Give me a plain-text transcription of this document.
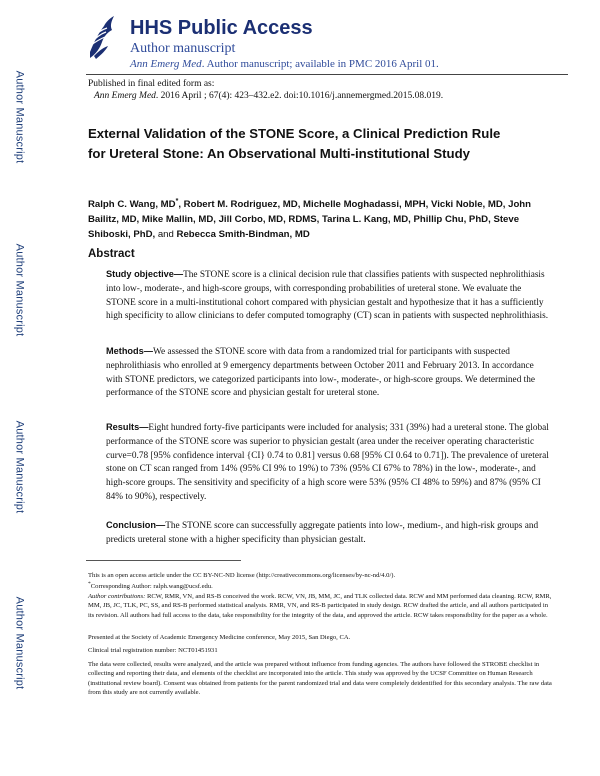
Author Manuscript
Author Manuscript
Author Manuscript
Author Manuscript
HHS Public Access
Author manuscript
Ann Emerg Med. Author manuscript; available in PMC 2016 April 01.
Published in final edited form as:
Ann Emerg Med. 2016 April ; 67(4): 423–432.e2. doi:10.1016/j.annemergmed.2015.08.019.
External Validation of the STONE Score, a Clinical Prediction Rule for Ureteral Stone: An Observational Multi-institutional Study
Ralph C. Wang, MD*, Robert M. Rodriguez, MD, Michelle Moghadassi, MPH, Vicki Noble, MD, John Bailitz, MD, Mike Mallin, MD, Jill Corbo, MD, RDMS, Tarina L. Kang, MD, Phillip Chu, PhD, Steve Shiboski, PhD, and Rebecca Smith-Bindman, MD
Abstract
Study objective—The STONE score is a clinical decision rule that classifies patients with suspected nephrolithiasis into low-, moderate-, and high-score groups, with corresponding probabilities of ureteral stone. We evaluate the STONE score in a multi-institutional cohort compared with physician gestalt and hypothesize that it has a sufficiently high specificity to allow clinicians to defer computed tomography (CT) scan in patients with suspected nephrolithiasis.
Methods—We assessed the STONE score with data from a randomized trial for participants with suspected nephrolithiasis who enrolled at 9 emergency departments between October 2011 and February 2013. In accordance with STONE predictors, we categorized participants into low-, moderate-, or high-score groups. We determined the performance of the STONE score and physician gestalt for ureteral stone.
Results—Eight hundred forty-five participants were included for analysis; 331 (39%) had a ureteral stone. The global performance of the STONE score was superior to physician gestalt (area under the receiver operating characteristic curve=0.78 [95% confidence interval {CI} 0.74 to 0.81] versus 0.68 [95% CI 0.64 to 0.71]). The prevalence of ureteral stone on CT scan ranged from 14% (95% CI 9% to 19%) to 73% (95% CI 67% to 78%) in the low-, moderate-, and high-score groups. The sensitivity and specificity of a high score were 53% (95% CI 48% to 59%) and 87% (95% CI 84% to 90%), respectively.
Conclusion—The STONE score can successfully aggregate patients into low-, medium-, and high-risk groups and predicts ureteral stone with a higher specificity than physician gestalt.
This is an open access article under the CC BY-NC-ND license (http://creativecommons.org/licenses/by-nc-nd/4.0/).
*Corresponding Author: ralph.wang@ucsf.edu.
Author contributions: RCW, RMR, VN, and RS-B conceived the work. RCW, VN, JB, MM, JC, and TLK collected data. RCW and MM performed data cleaning. RCW, RMR, MM, JB, JC, TLK, PC, SS, and RS-B performed statistical analysis. RMR, VN, and RS-B participated in study design. RCW drafted the article, and all authors participated in its revision. All authors had full access to the data, take responsibility for the integrity of the data, and approved the article. RCW takes responsibility for the paper as a whole.
Presented at the Society of Academic Emergency Medicine conference, May 2015, San Diego, CA.
Clinical trial registration number: NCT01451931
The data were collected, results were analyzed, and the article was prepared without influence from funding agencies. The authors have followed the STROBE checklist in collecting and reporting their data, and elements of the checklist are incorporated into the article. This study was approved by the UCSF Committee on Human Research (institutional review board). Consent was obtained from patients for the parent randomized trial and data were completely deidentified for this secondary analysis. The raw data from this study are not currently available.
